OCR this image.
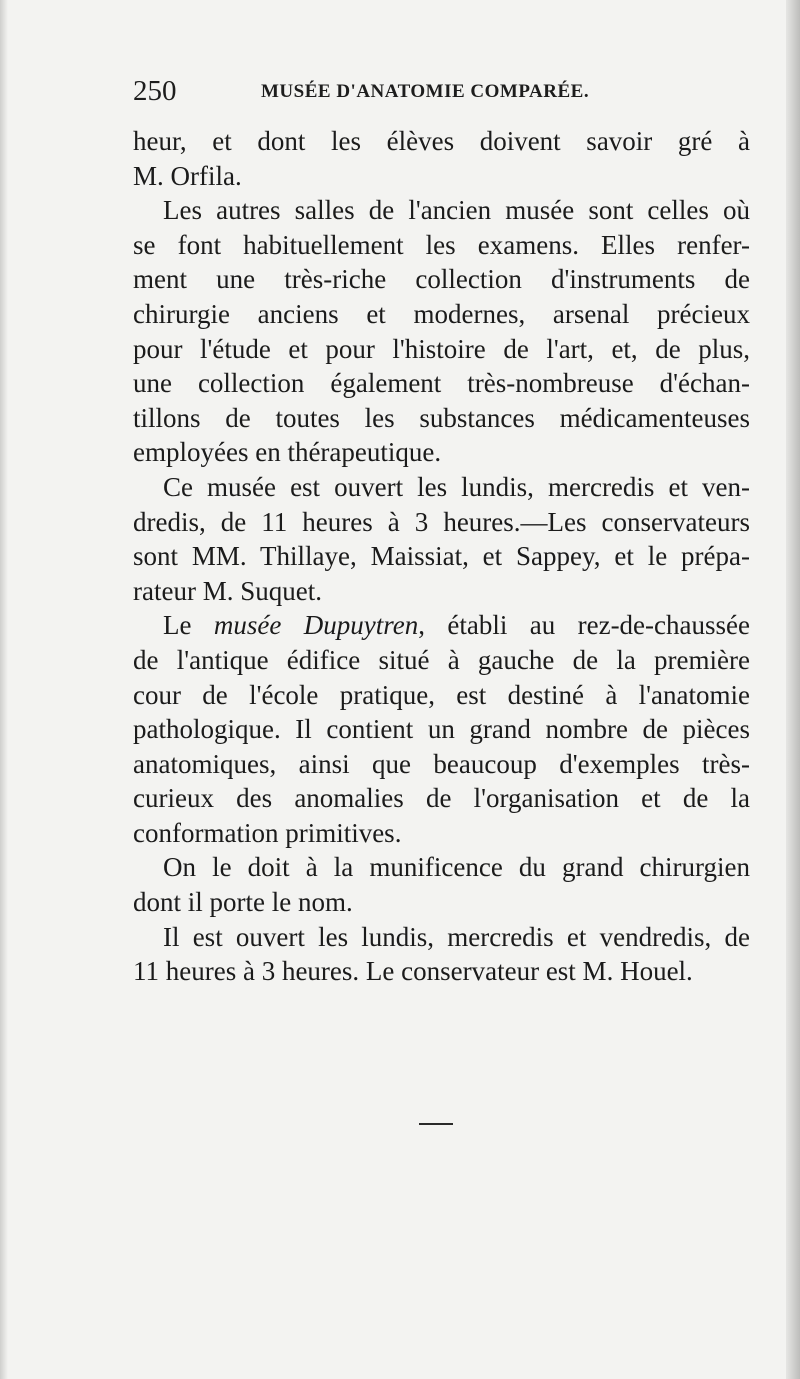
250	MUSÉE D'ANATOMIE COMPARÉE.
heur, et dont les élèves doivent savoir gré à
M. Orfila.
Les autres salles de l'ancien musée sont celles où
se font habituellement les examens. Elles renfer-
ment une très-riche collection d'instruments de
chirurgie anciens et modernes, arsenal précieux
pour l'étude et pour l'histoire de l'art, et, de plus,
une collection également très-nombreuse d'échan-
tillons de toutes les substances médicamenteuses
employées en thérapeutique.
Ce musée est ouvert les lundis, mercredis et ven-
dredis, de 11 heures à 3 heures.—Les conservateurs
sont MM. Thillaye, Maissiat, et Sappey, et le prépa-
rateur M. Suquet.
Le musée Dupuytren, établi au rez-de-chaussée
de l'antique édifice situé à gauche de la première
cour de l'école pratique, est destiné à l'anatomie
pathologique. Il contient un grand nombre de pièces
anatomiques, ainsi que beaucoup d'exemples très-
curieux des anomalies de l'organisation et de la
conformation primitives.
On le doit à la munificence du grand chirurgien
dont il porte le nom.
Il est ouvert les lundis, mercredis et vendredis, de
11 heures à 3 heures. Le conservateur est M. Houel.
